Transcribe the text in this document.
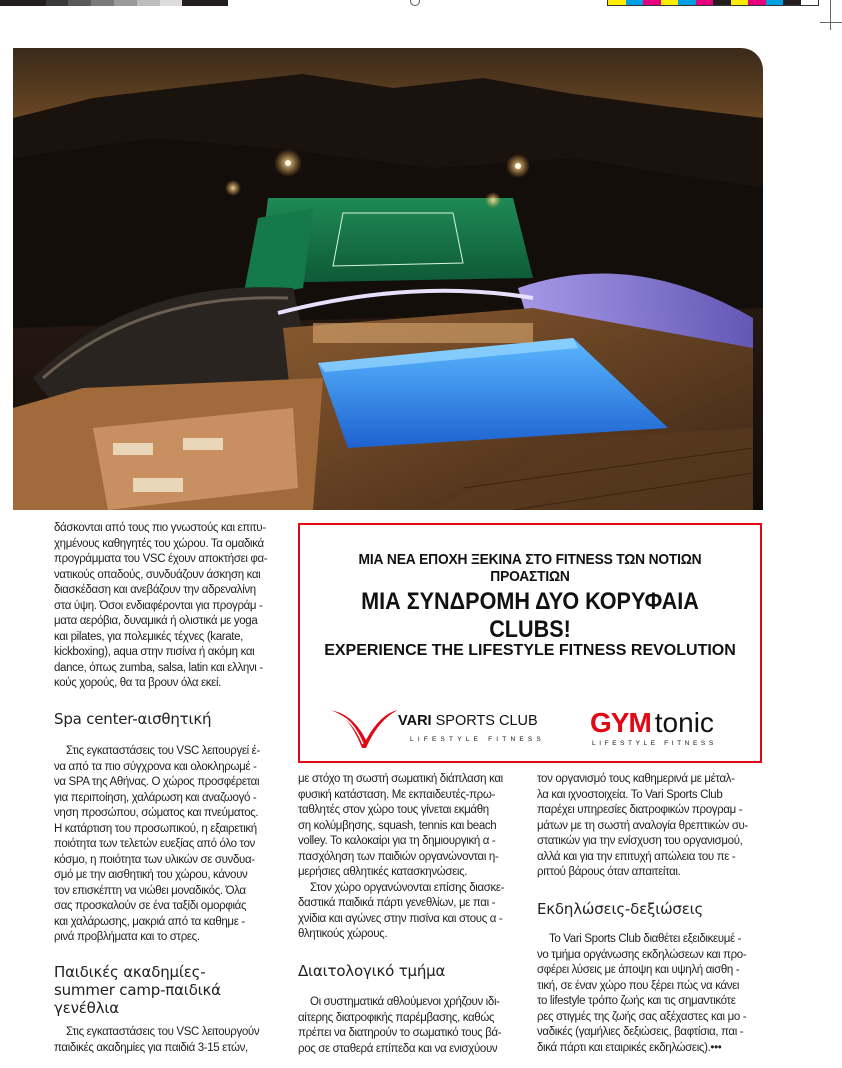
ΜΙΑ ΝΕΑ ΕΠΟΧΗ ΞΕΚΙΝΑ ΣΤΟ FITNESS ΤΩΝ ΝΟΤΙΩΝ ΠΡΟΑΣΤΙΩΝ
ΜΙΑ ΣΥΝΔΡΟΜΗ ΔΥΟ ΚΟΡΥΦΑΙΑ CLUBS!
EXPERIENCE THE LIFESTYLE FITNESS REVOLUTION
VARI SPORTS CLUB
LIFESTYLE FITNESS
GYM tonic
LIFESTYLE FITNESS
δάσκονται από τους πιο γνωστούς και επιτυ-
χημένους καθηγητές του χώρου. Τα ομαδικά
προγράμματα του VSC έχουν αποκτήσει φα-
νατικούς οπαδούς, συνδυάζουν άσκηση και
διασκέδαση και ανεβάζουν την αδρεναλίνη
στα ύψη. Όσοι ενδιαφέρονται για προγράμ -
ματα αερόβια, δυναμικά ή ολιστικά με yoga
και pilates, για πολεμικές τέχνες (karate,
kickboxing), aqua στην πισίνα ή ακόμη και
dance, όπως zumba, salsa, latin και ελληνι -
κούς χορούς, θα τα βρουν όλα εκεί.
Spa center-αισθητική
Στις εγκαταστάσεις του VSC λειτουργεί έ-
να από τα πιο σύγχρονα και ολοκληρωμέ -
να SPA της Αθήνας. Ο χώρος προσφέρεται
για περιποίηση, χαλάρωση και αναζωογό -
νηση προσώπου, σώματος και πνεύματος.
Η κατάρτιση του προσωπικού, η εξαιρετική
ποιότητα των τελετών ευεξίας από όλο τον
κόσμο, η ποιότητα των υλικών σε συνδυα-
σμό με την αισθητική του χώρου, κάνουν
τον επισκέπτη να νιώθει μοναδικός. Όλα
σας προσκαλούν σε ένα ταξίδι ομορφιάς
και χαλάρωσης, μακριά από τα καθημε -
ρινά προβλήματα και το στρες.
Παιδικές ακαδημίες-
summer camp-παιδικά
γενέθλια
Στις εγκαταστάσεις του VSC λειτουργούν
παιδικές ακαδημίες για παιδιά 3-15 ετών,
με στόχο τη σωστή σωματική διάπλαση και
φυσική κατάσταση. Με εκπαιδευτές-πρω-
ταθλητές στον χώρο τους γίνεται εκμάθη
ση κολύμβησης, squash, tennis και beach
volley. Το καλοκαίρι για τη δημιουργική α -
πασχόληση των παιδιών οργανώνονται η-
μερήσιες αθλητικές κατασκηνώσεις.
Στον χώρο οργανώνονται επίσης διασκε-
δαστικά παιδικά πάρτι γενεθλίων, με παι -
χνίδια και αγώνες στην πισίνα και στους α -
θλητικούς χώρους.
Διαιτολογικό τμήμα
Οι συστηματικά αθλούμενοι χρήζουν ιδι-
αίτερης διατροφικής παρέμβασης, καθώς
πρέπει να διατηρούν το σωματικό τους βά-
ρος σε σταθερά επίπεδα και να ενισχύουν
τον οργανισμό τους καθημερινά με μέταλ-
λα και ιχνοστοιχεία. Το Vari Sports Club
παρέχει υπηρεσίες διατροφικών προγραμ -
μάτων με τη σωστή αναλογία θρεπτικών συ-
στατικών για την ενίσχυση του οργανισμού,
αλλά και για την επιτυχή απώλεια του πε -
ριττού βάρους όταν απαιτείται.
Εκδηλώσεις-δεξιώσεις
Το Vari Sports Club διαθέτει εξειδικευμέ -
νο τμήμα οργάνωσης εκδηλώσεων και προ-
σφέρει λύσεις με άποψη και υψηλή αισθη -
τική, σε έναν χώρο που ξέρει πώς να κάνει
το lifestyle τρόπο ζωής και τις σημαντικότε
ρες στιγμές της ζωής σας αξέχαστες και μο -
ναδικές (γαμήλιες δεξιώσεις, βαφτίσια, παι -
δικά πάρτι και εταιρικές εκδηλώσεις).•••
